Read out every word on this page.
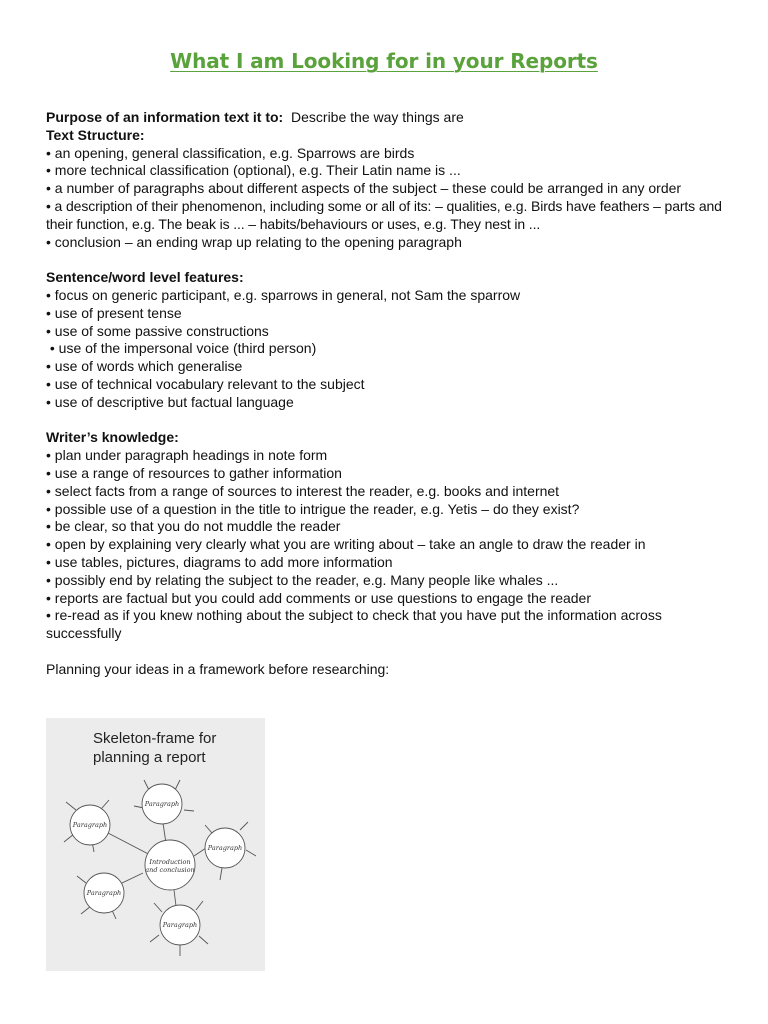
What I am Looking for in your Reports

Purpose of an information text it to: Describe the way things are

Text Structure:

• an opening, general classification, e.g. Sparrows are birds

• more technical classification (optional), e.g. Their Latin name is ...

• a number of paragraphs about different aspects of the subject – these could be arranged in any order

• a description of their phenomenon, including some or all of its: – qualities, e.g. Birds have feathers – parts and their function, e.g. The beak is ... – habits/behaviours or uses, e.g. They nest in ...

• conclusion – an ending wrap up relating to the opening paragraph

Sentence/word level features:

• focus on generic participant, e.g. sparrows in general, not Sam the sparrow

• use of present tense

• use of some passive constructions

• use of the impersonal voice (third person)

• use of words which generalise

• use of technical vocabulary relevant to the subject

• use of descriptive but factual language

Writer’s knowledge:

• plan under paragraph headings in note form

• use a range of resources to gather information

• select facts from a range of sources to interest the reader, e.g. books and internet

• possible use of a question in the title to intrigue the reader, e.g. Yetis – do they exist?

• be clear, so that you do not muddle the reader

• open by explaining very clearly what you are writing about – take an angle to draw the reader in

• use tables, pictures, diagrams to add more information

• possibly end by relating the subject to the reader, e.g. Many people like whales ...

• reports are factual but you could add comments or use questions to engage the reader

• re-read as if you knew nothing about the subject to check that you have put the information across successfully

Planning your ideas in a framework before researching:

Paragraph
Paragraph
Paragraph
Introduction
and conclusion
Paragraph
Paragraph
Skeleton-frame for planning a report
